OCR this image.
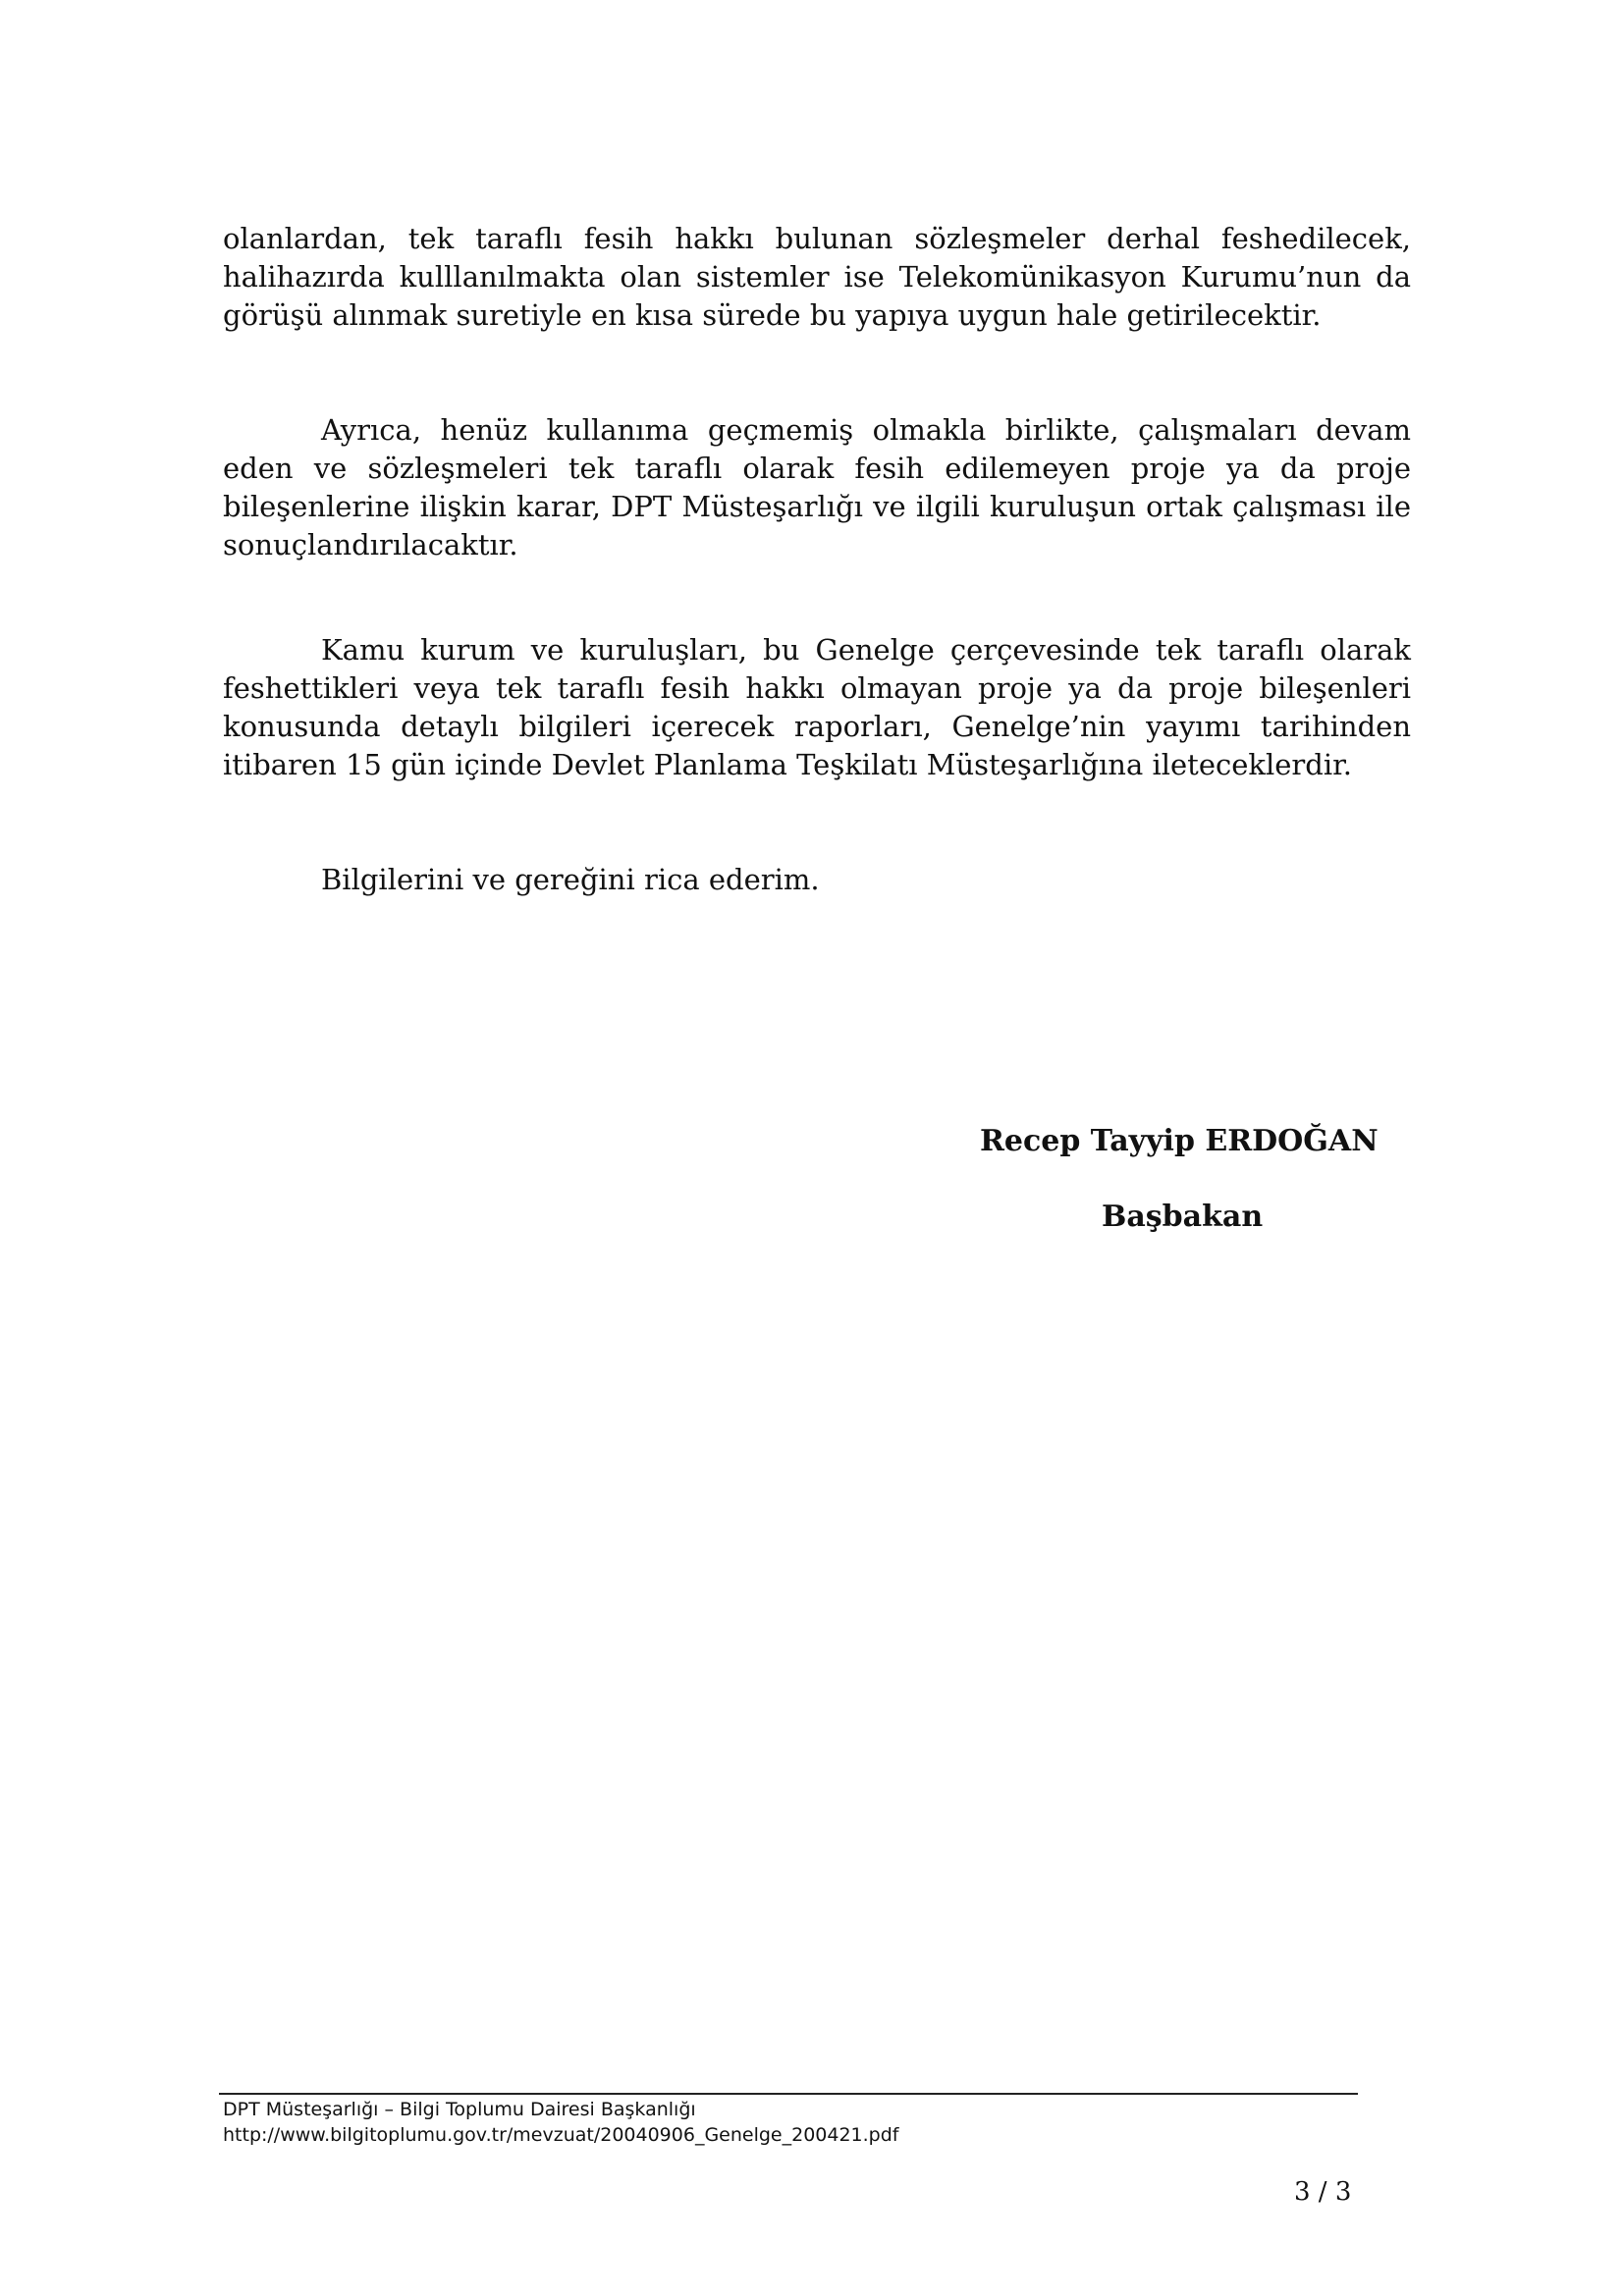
olanlardan, tek taraflı fesih hakkı bulunan sözleşmeler derhal feshedilecek, halihazırda kulllanılmakta olan sistemler ise Telekomünikasyon Kurumu’nun da görüşü alınmak suretiyle en kısa sürede bu yapıya uygun hale getirilecektir.

Ayrıca, henüz kullanıma geçmemiş olmakla birlikte, çalışmaları devam eden ve sözleşmeleri tek taraflı olarak fesih edilemeyen proje ya da proje bileşenlerine ilişkin karar, DPT Müsteşarlığı ve ilgili kuruluşun ortak çalışması ile sonuçlandırılacaktır.

Kamu kurum ve kuruluşları, bu Genelge çerçevesinde tek taraflı olarak feshettikleri veya tek taraflı fesih hakkı olmayan proje ya da proje bileşenleri konusunda detaylı bilgileri içerecek raporları, Genelge’nin yayımı tarihinden itibaren 15 gün içinde Devlet Planlama Teşkilatı Müsteşarlığına ileteceklerdir.

Bilgilerini ve gereğini rica ederim.

Recep Tayyip ERDOĞAN

Başbakan

DPT Müsteşarlığı – Bilgi Toplumu Dairesi Başkanlığı

http://www.bilgitoplumu.gov.tr/mevzuat/20040906_Genelge_200421.pdf

3 / 3
